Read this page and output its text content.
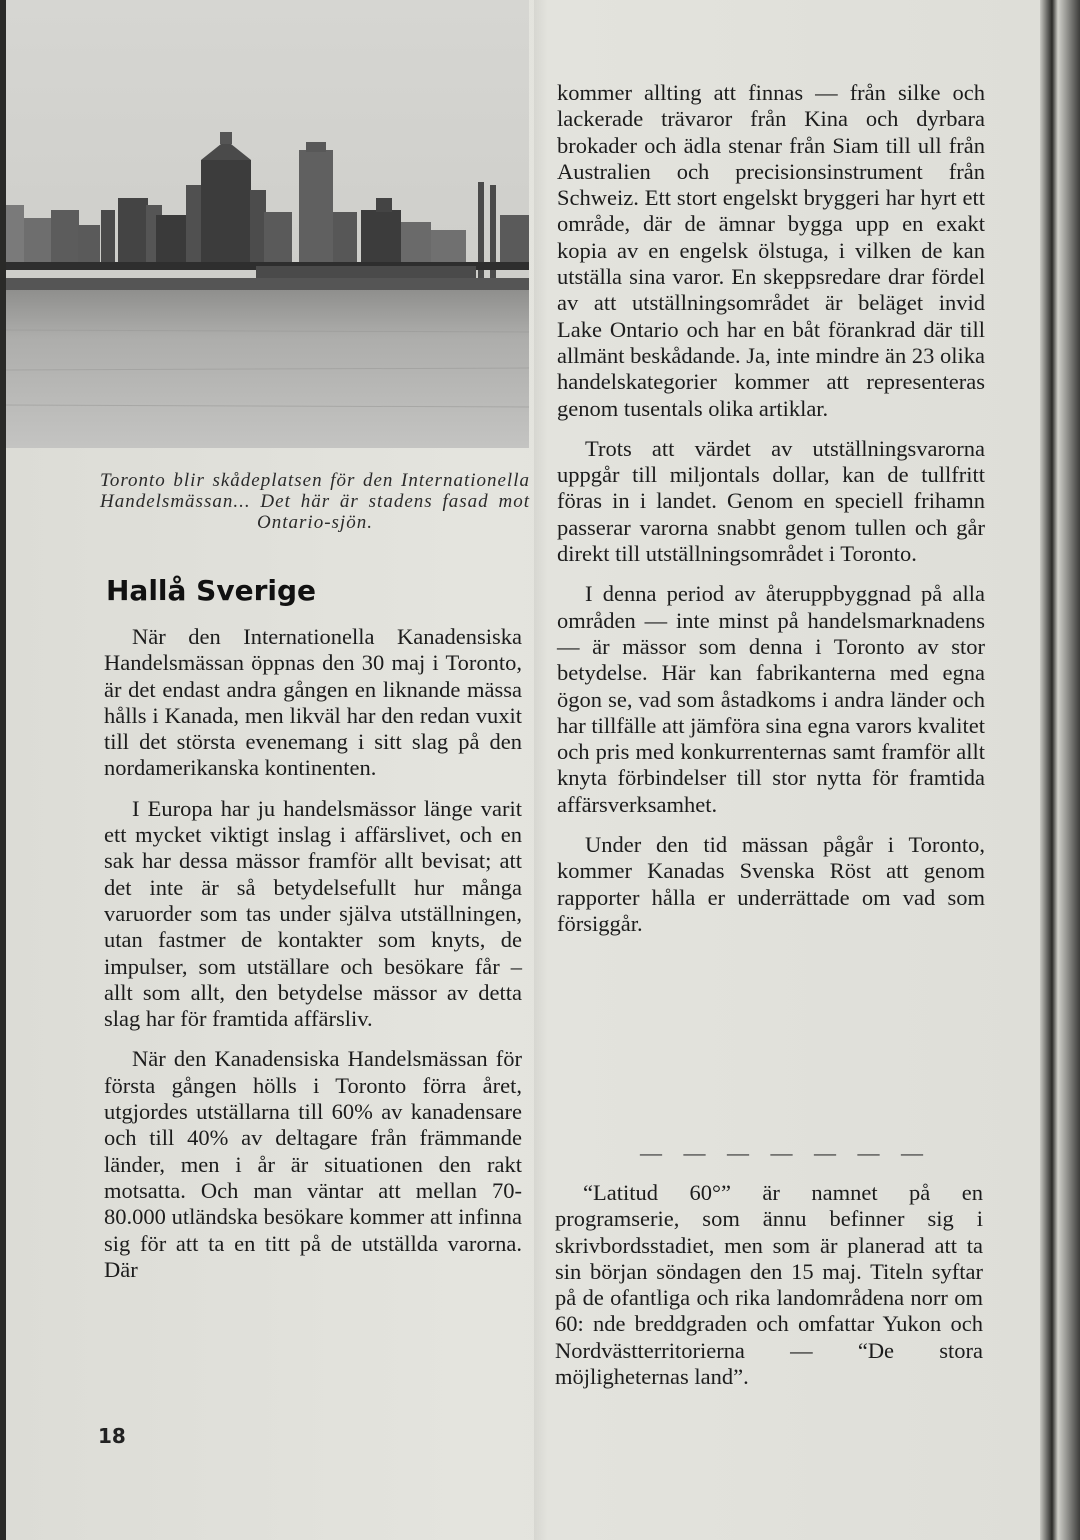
Toronto blir skådeplatsen för den Internationella Handelsmässan... Det här är stadens fasad mot Ontario-sjön.

Hallå Sverige

När den Internationella Kanadensiska Handelsmässan öppnas den 30 maj i Toronto, är det endast andra gången en liknande mässa hålls i Kanada, men likväl har den redan vuxit till det största evenemang i sitt slag på den nordamerikanska kontinenten.

I Europa har ju handelsmässor länge varit ett mycket viktigt inslag i affärslivet, och en sak har dessa mässor framför allt bevisat; att det inte är så betydelsefullt hur många varuorder som tas under själva utställningen, utan fastmer de kontakter som knyts, de impulser, som utställare och besökare får – allt som allt, den betydelse mässor av detta slag har för framtida affärsliv.

När den Kanadensiska Handelsmässan för första gången hölls i Toronto förra året, utgjordes utställarna till 60% av kanadensare och till 40% av deltagare från främmande länder, men i år är situationen den rakt motsatta. Och man väntar att mellan 70-80.000 utländska besökare kommer att infinna sig för att ta en titt på de utställda varorna. Där

kommer allting att finnas — från silke och lackerade trävaror från Kina och dyrbara brokader och ädla stenar från Siam till ull från Australien och precisionsinstrument från Schweiz. Ett stort engelskt bryggeri har hyrt ett område, där de ämnar bygga upp en exakt kopia av en engelsk ölstuga, i vilken de kan utställa sina varor. En skeppsredare drar fördel av att utställningsområdet är beläget invid Lake Ontario och har en båt förankrad där till allmänt beskådande. Ja, inte mindre än 23 olika handelskategorier kommer att representeras genom tusentals olika artiklar.

Trots att värdet av utställningsvarorna uppgår till miljontals dollar, kan de tullfritt föras in i landet. Genom en speciell frihamn passerar varorna snabbt genom tullen och går direkt till utställningsområdet i Toronto.

I denna period av återuppbyggnad på alla områden — inte minst på handelsmarknadens — är mässor som denna i Toronto av stor betydelse. Här kan fabrikanterna med egna ögon se, vad som åstadkoms i andra länder och har tillfälle att jämföra sina egna varors kvalitet och pris med konkurrenternas samt framför allt knyta förbindelser till stor nytta för framtida affärsverksamhet.

Under den tid mässan pågår i Toronto, kommer Kanadas Svenska Röst att genom rapporter hålla er underrättade om vad som försiggår.

— — — — — — —

“Latitud 60°” är namnet på en programserie, som ännu befinner sig i skrivbordsstadiet, men som är planerad att ta sin början söndagen den 15 maj. Titeln syftar på de ofantliga och rika landområdena norr om 60: nde breddgraden och omfattar Yukon och Nordvästterritorierna — “De stora möjligheternas land”.

18
